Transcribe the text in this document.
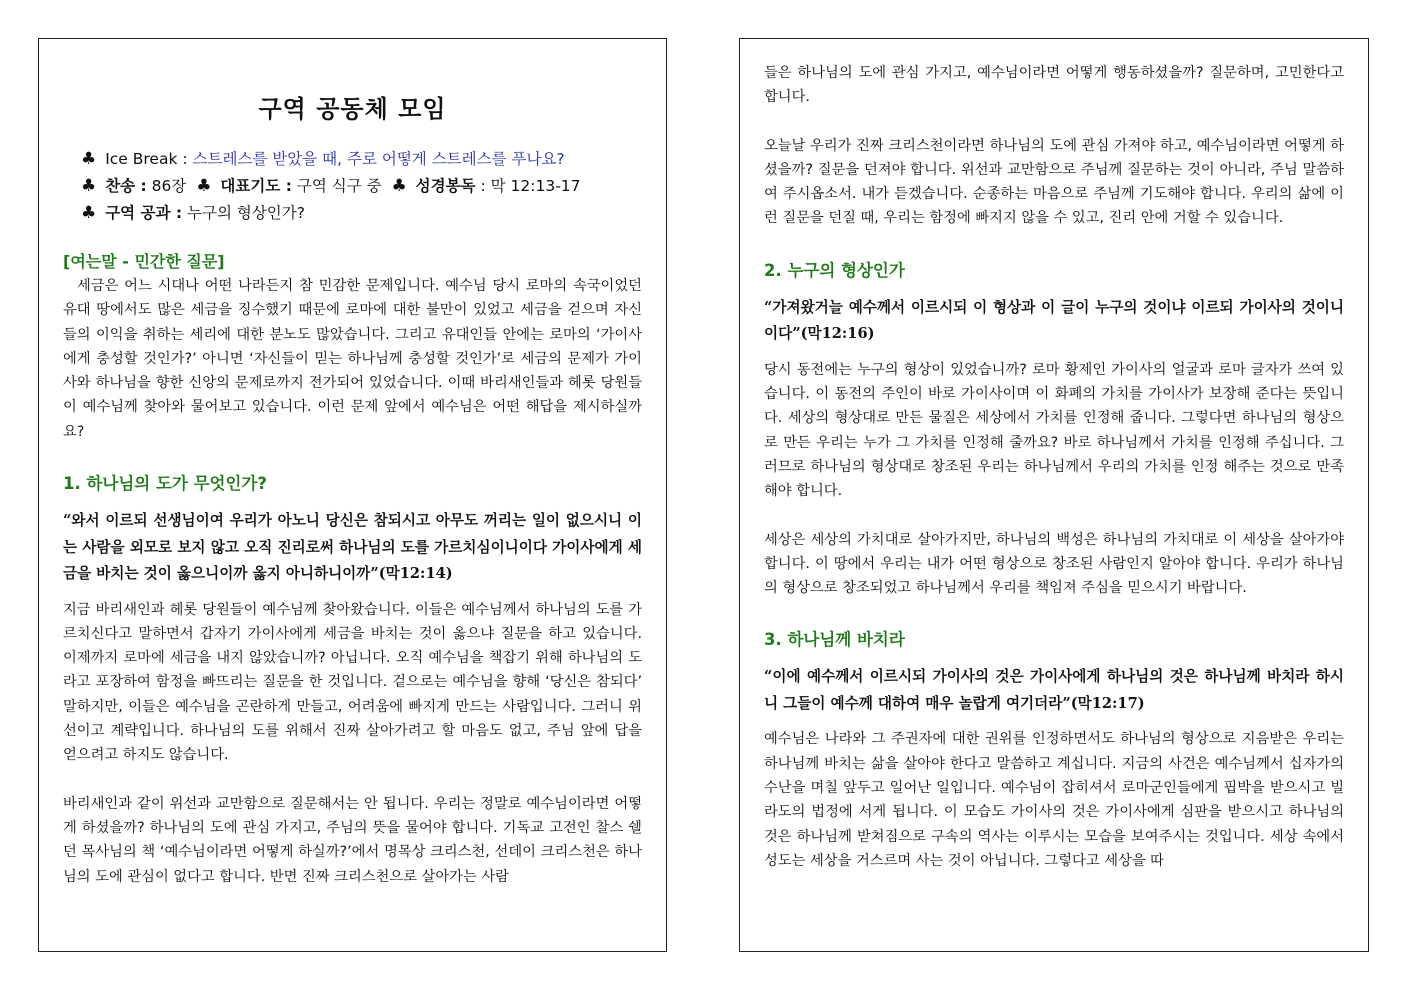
구역 공동체 모임
♣ Ice Break : 스트레스를 받았을 때, 주로 어떻게 스트레스를 푸나요?
♣ 찬송 : 86장 ♣ 대표기도 : 구역 식구 중 ♣ 성경봉독 : 막 12:13-17
♣ 구역 공과 : 누구의 형상인가?
[여는말 - 민간한 질문]

세금은 어느 시대나 어떤 나라든지 참 민감한 문제입니다. 예수님 당시 로마의 속국이었던 유대 땅에서도 많은 세금을 징수했기 때문에 로마에 대한 불만이 있었고 세금을 걷으며 자신들의 이익을 취하는 세리에 대한 분노도 많았습니다. 그리고 유대인들 안에는 로마의 ‘가이사에게 충성할 것인가?’ 아니면 ‘자신들이 믿는 하나님께 충성할 것인가’로 세금의 문제가 가이사와 하나님을 향한 신앙의 문제로까지 전가되어 있었습니다. 이때 바리새인들과 헤롯 당원들이 예수님께 찾아와 물어보고 있습니다. 이런 문제 앞에서 예수님은 어떤 해답을 제시하실까요?

1. 하나님의 도가 무엇인가?

“와서 이르되 선생님이여 우리가 아노니 당신은 참되시고 아무도 꺼리는 일이 없으시니 이는 사람을 외모로 보지 않고 오직 진리로써 하나님의 도를 가르치심이니이다 가이사에게 세금을 바치는 것이 옳으니이까 옳지 아니하니이까”(막12:14)

지금 바리새인과 헤롯 당원들이 예수님께 찾아왔습니다. 이들은 예수님께서 하나님의 도를 가르치신다고 말하면서 갑자기 가이사에게 세금을 바치는 것이 옳으냐 질문을 하고 있습니다. 이제까지 로마에 세금을 내지 않았습니까? 아닙니다. 오직 예수님을 책잡기 위해 하나님의 도라고 포장하여 함정을 빠뜨리는 질문을 한 것입니다. 겉으로는 예수님을 향해 ‘당신은 참되다’ 말하지만, 이들은 예수님을 곤란하게 만들고, 어려움에 빠지게 만드는 사람입니다. 그러니 위선이고 계략입니다. 하나님의 도를 위해서 진짜 살아가려고 할 마음도 없고, 주님 앞에 답을 얻으려고 하지도 않습니다.

바리새인과 같이 위선과 교만함으로 질문해서는 안 됩니다. 우리는 정말로 예수님이라면 어떻게 하셨을까? 하나님의 도에 관심 가지고, 주님의 뜻을 물어야 합니다. 기독교 고전인 찰스 쉘던 목사님의 책 ‘예수님이라면 어떻게 하실까?’에서 명목상 크리스천, 선데이 크리스천은 하나님의 도에 관심이 없다고 합니다. 반면 진짜 크리스천으로 살아가는 사람

들은 하나님의 도에 관심 가지고, 예수님이라면 어떻게 행동하셨을까? 질문하며, 고민한다고 합니다.

오늘날 우리가 진짜 크리스천이라면 하나님의 도에 관심 가져야 하고, 예수님이라면 어떻게 하셨을까? 질문을 던져야 합니다. 위선과 교만함으로 주님께 질문하는 것이 아니라, 주님 말씀하여 주시옵소서. 내가 듣겠습니다. 순종하는 마음으로 주님께 기도해야 합니다. 우리의 삶에 이런 질문을 던질 때, 우리는 함정에 빠지지 않을 수 있고, 진리 안에 거할 수 있습니다.

2. 누구의 형상인가

“가져왔거늘 예수께서 이르시되 이 형상과 이 글이 누구의 것이냐 이르되 가이사의 것이니이다”(막12:16)

당시 동전에는 누구의 형상이 있었습니까? 로마 황제인 가이사의 얼굴과 로마 글자가 쓰여 있습니다. 이 동전의 주인이 바로 가이사이며 이 화폐의 가치를 가이사가 보장해 준다는 뜻입니다. 세상의 형상대로 만든 물질은 세상에서 가치를 인정해 줍니다. 그렇다면 하나님의 형상으로 만든 우리는 누가 그 가치를 인정해 줄까요? 바로 하나님께서 가치를 인정해 주십니다. 그러므로 하나님의 형상대로 창조된 우리는 하나님께서 우리의 가치를 인정 해주는 것으로 만족해야 합니다.

세상은 세상의 가치대로 살아가지만, 하나님의 백성은 하나님의 가치대로 이 세상을 살아가야 합니다. 이 땅에서 우리는 내가 어떤 형상으로 창조된 사람인지 알아야 합니다. 우리가 하나님의 형상으로 창조되었고 하나님께서 우리를 책임져 주심을 믿으시기 바랍니다.

3. 하나님께 바치라

“이에 예수께서 이르시되 가이사의 것은 가이사에게 하나님의 것은 하나님께 바치라 하시니 그들이 예수께 대하여 매우 놀랍게 여기더라”(막12:17)

예수님은 나라와 그 주권자에 대한 권위를 인정하면서도 하나님의 형상으로 지음받은 우리는 하나님께 바치는 삶을 살아야 한다고 말씀하고 계십니다. 지금의 사건은 예수님께서 십자가의 수난을 며칠 앞두고 일어난 일입니다. 예수님이 잡히셔서 로마군인들에게 핍박을 받으시고 빌라도의 법정에 서게 됩니다. 이 모습도 가이사의 것은 가이사에게 심판을 받으시고 하나님의 것은 하나님께 받쳐짐으로 구속의 역사는 이루시는 모습을 보여주시는 것입니다. 세상 속에서 성도는 세상을 거스르며 사는 것이 아닙니다. 그렇다고 세상을 따
